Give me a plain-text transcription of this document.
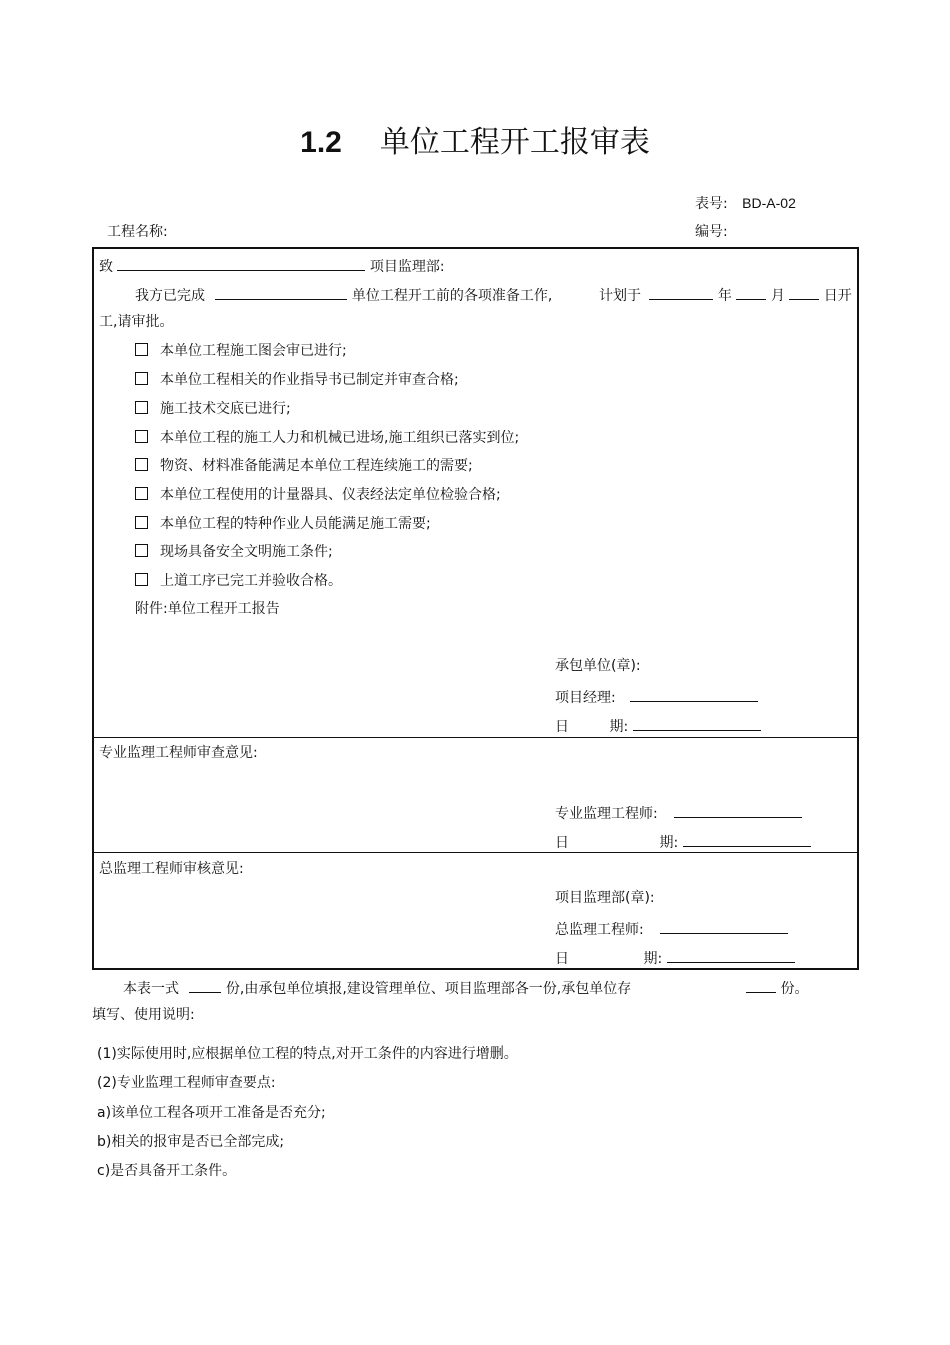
1.2 单位工程开工报审表
表号: BD-A-02
工程名称:	编号:
致	项目监理部:
我方已完成	单位工程开工前的各项准备工作,	计划于	年	月	日开
工,请审批。
本单位工程施工图会审已进行;
本单位工程相关的作业指导书已制定并审查合格;
施工技术交底已进行;
本单位工程的施工人力和机械已进场,施工组织已落实到位;
物资、材料准备能满足本单位工程连续施工的需要;
本单位工程使用的计量器具、仪表经法定单位检验合格;
本单位工程的特种作业人员能满足施工需要;
现场具备安全文明施工条件;
上道工序已完工并验收合格。
附件:单位工程开工报告
承包单位(章):
项目经理:
日	期:
专业监理工程师审查意见:
专业监理工程师:
日	期:
总监理工程师审核意见:
项目监理部(章):
总监理工程师:
日	期:
本表一式	份,由承包单位填报,建设管理单位、项目监理部各一份,承包单位存	份。
填写、使用说明:
(1)实际使用时,应根据单位工程的特点,对开工条件的内容进行增删。
(2)专业监理工程师审查要点:
a)该单位工程各项开工准备是否充分;
b)相关的报审是否已全部完成;
c)是否具备开工条件。
